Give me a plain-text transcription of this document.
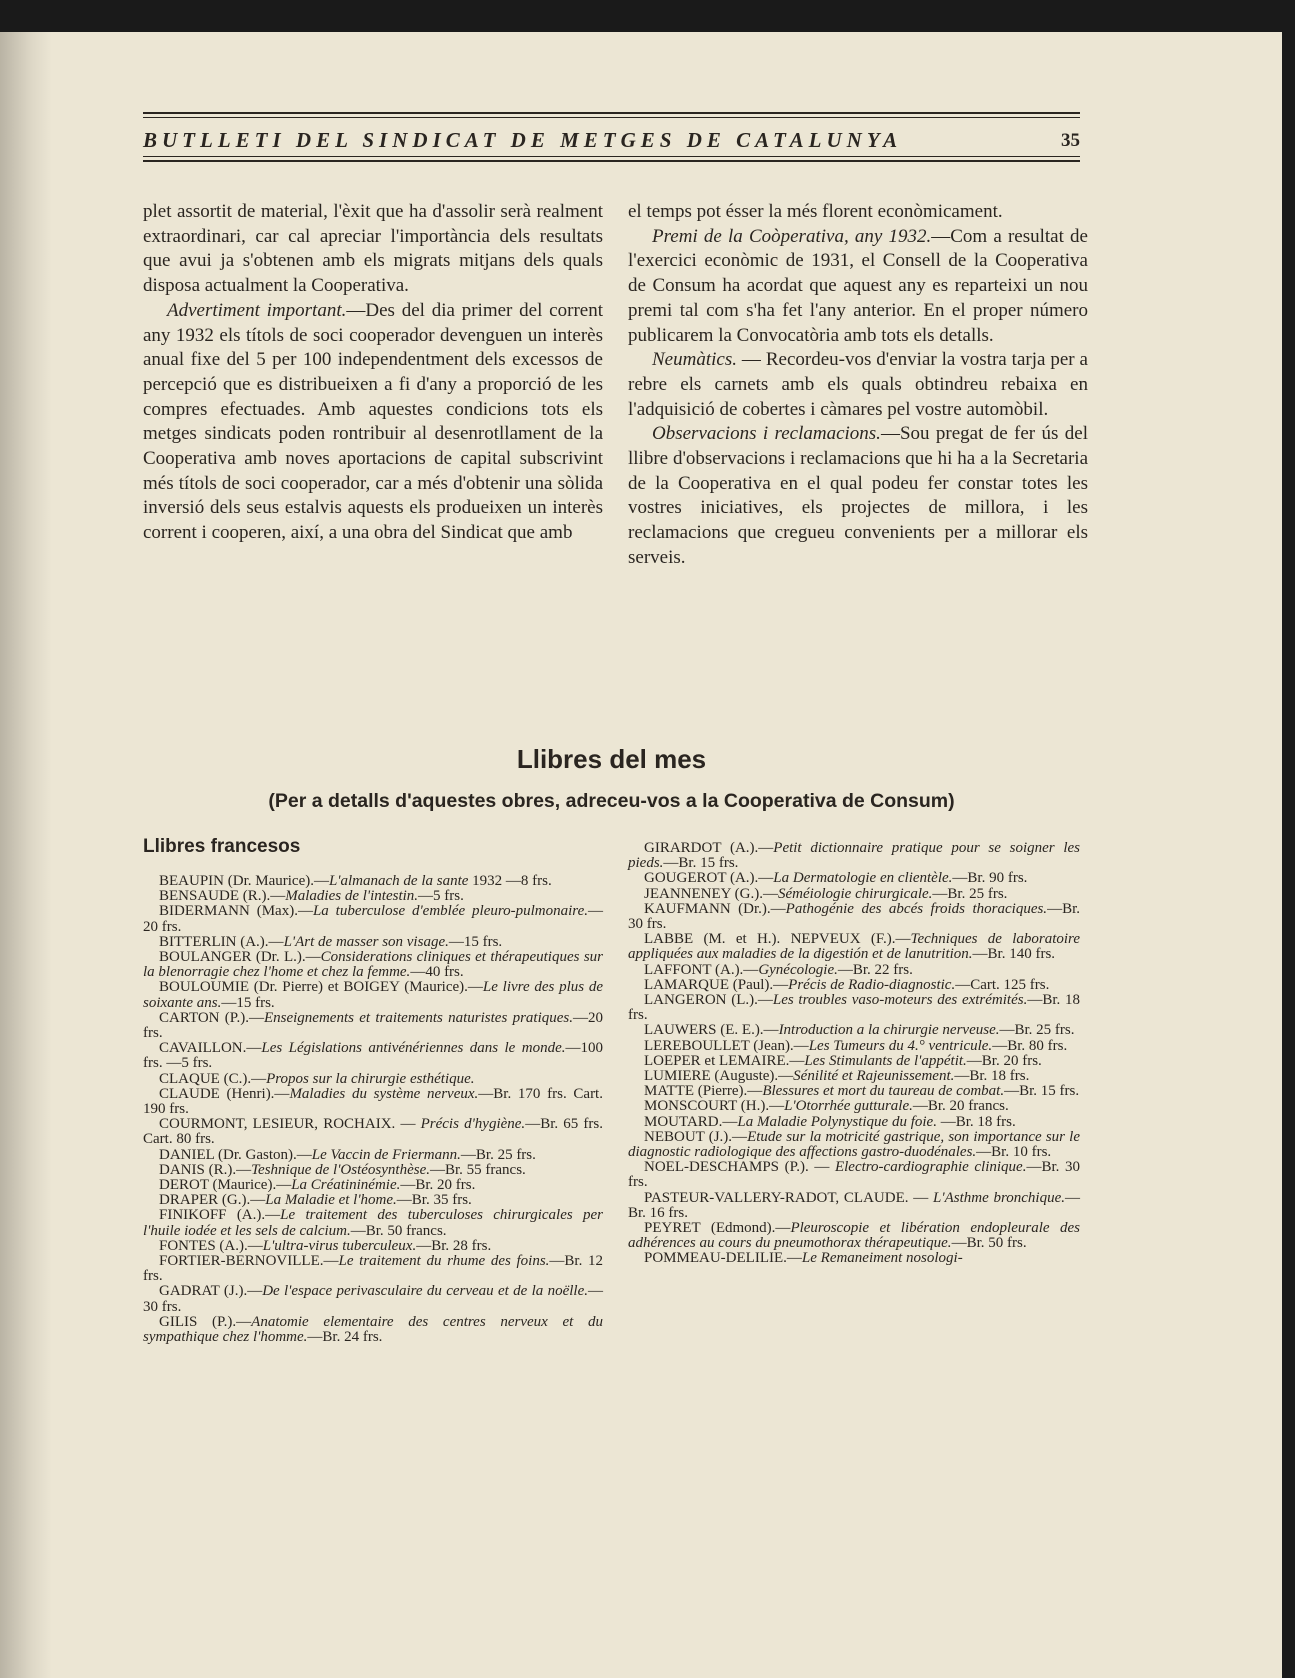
BUTLLETI DEL SINDICAT DE METGES DE CATALUNYA	35

plet assortit de material, l'èxit que ha d'assolir serà realment extraordinari, car cal apreciar l'importància dels resultats que avui ja s'obtenen amb els migrats mitjans dels quals disposa actualment la Cooperativa.

Advertiment important.—Des del dia primer del corrent any 1932 els títols de soci cooperador devenguen un interès anual fixe del 5 per 100 independentment dels excessos de percepció que es distribueixen a fi d'any a proporció de les compres efectuades. Amb aquestes condicions tots els metges sindicats poden rontribuir al desenrotllament de la Cooperativa amb noves aportacions de capital subscrivint més títols de soci cooperador, car a més d'obtenir una sòlida inversió dels seus estalvis aquests els produeixen un interès corrent i cooperen, així, a una obra del Sindicat que amb

el temps pot ésser la més florent econòmicament.

Premi de la Coòperativa, any 1932.—Com a resultat de l'exercici econòmic de 1931, el Consell de la Cooperativa de Consum ha acordat que aquest any es reparteixi un nou premi tal com s'ha fet l'any anterior. En el proper número publicarem la Convocatòria amb tots els detalls.

Neumàtics. — Recordeu-vos d'enviar la vostra tarja per a rebre els carnets amb els quals obtindreu rebaixa en l'adquisició de cobertes i càmares pel vostre automòbil.

Observacions i reclamacions.—Sou pregat de fer ús del llibre d'observacions i reclamacions que hi ha a la Secretaria de la Cooperativa en el qual podeu fer constar totes les vostres iniciatives, els projectes de millora, i les reclamacions que cregueu convenients per a millorar els serveis.

Llibres del mes
(Per a detalls d'aquestes obres, adreceu-vos a la Cooperativa de Consum)
Llibres francesos

BEAUPIN (Dr. Maurice).—L'almanach de la sante 1932 —8 frs.

BENSAUDE (R.).—Maladies de l'intestin.—5 frs.

BIDERMANN (Max).—La tuberculose d'emblée pleuro-pulmonaire.—20 frs.

BITTERLIN (A.).—L'Art de masser son visage.—15 frs.

BOULANGER (Dr. L.).—Considerations cliniques et thérapeutiques sur la blenorragie chez l'home et chez la femme.—40 frs.

BOULOUMIE (Dr. Pierre) et BOIGEY (Maurice).—Le livre des plus de soixante ans.—15 frs.

CARTON (P.).—Enseignements et traitements naturistes pratiques.—20 frs.

CAVAILLON.—Les Législations antivénériennes dans le monde.—100 frs. —5 frs.

CLAQUE (C.).—Propos sur la chirurgie esthétique.

CLAUDE (Henri).—Maladies du système nerveux.—Br. 170 frs. Cart. 190 frs.

COURMONT, LESIEUR, ROCHAIX. — Précis d'hygiène.—Br. 65 frs. Cart. 80 frs.

DANIEL (Dr. Gaston).—Le Vaccin de Friermann.—Br. 25 frs.

DANIS (R.).—Teshnique de l'Ostéosynthèse.—Br. 55 francs.

DEROT (Maurice).—La Créatininémie.—Br. 20 frs.

DRAPER (G.).—La Maladie et l'home.—Br. 35 frs.

FINIKOFF (A.).—Le traitement des tuberculoses chirurgicales per l'huile iodée et les sels de calcium.—Br. 50 francs.

FONTES (A.).—L'ultra-virus tuberculeux.—Br. 28 frs.

FORTIER-BERNOVILLE.—Le traitement du rhume des foins.—Br. 12 frs.

GADRAT (J.).—De l'espace perivasculaire du cerveau et de la noëlle.—30 frs.

GILIS (P.).—Anatomie elementaire des centres nerveux et du sympathique chez l'homme.—Br. 24 frs.

GIRARDOT (A.).—Petit dictionnaire pratique pour se soigner les pieds.—Br. 15 frs.

GOUGEROT (A.).—La Dermatologie en clientèle.—Br. 90 frs.

JEANNENEY (G.).—Séméiologie chirurgicale.—Br. 25 frs.

KAUFMANN (Dr.).—Pathogénie des abcés froids thoraciques.—Br. 30 frs.

LABBE (M. et H.). NEPVEUX (F.).—Techniques de laboratoire appliquées aux maladies de la digestión et de lanutrition.—Br. 140 frs.

LAFFONT (A.).—Gynécologie.—Br. 22 frs.

LAMARQUE (Paul).—Précis de Radio-diagnostic.—Cart. 125 frs.

LANGERON (L.).—Les troubles vaso-moteurs des extrémités.—Br. 18 frs.

LAUWERS (E. E.).—Introduction a la chirurgie nerveuse.—Br. 25 frs.

LEREBOULLET (Jean).—Les Tumeurs du 4.° ventricule.—Br. 80 frs.

LOEPER et LEMAIRE.—Les Stimulants de l'appétit.—Br. 20 frs.

LUMIERE (Auguste).—Sénilité et Rajeunissement.—Br. 18 frs.

MATTE (Pierre).—Blessures et mort du taureau de combat.—Br. 15 frs.

MONSCOURT (H.).—L'Otorrhée gutturale.—Br. 20 francs.

MOUTARD.—La Maladie Polynystique du foie. —Br. 18 frs.

NEBOUT (J.).—Etude sur la motricité gastrique, son importance sur le diagnostic radiologique des affections gastro-duodénales.—Br. 10 frs.

NOEL-DESCHAMPS (P.). — Electro-cardiographie clinique.—Br. 30 frs.

PASTEUR-VALLERY-RADOT, CLAUDE. — L'Asthme bronchique.—Br. 16 frs.

PEYRET (Edmond).—Pleuroscopie et libération endopleurale des adhérences au cours du pneumothorax thérapeutique.—Br. 50 frs.

POMMEAU-DELILIE.—Le Remaneiment nosologi-
